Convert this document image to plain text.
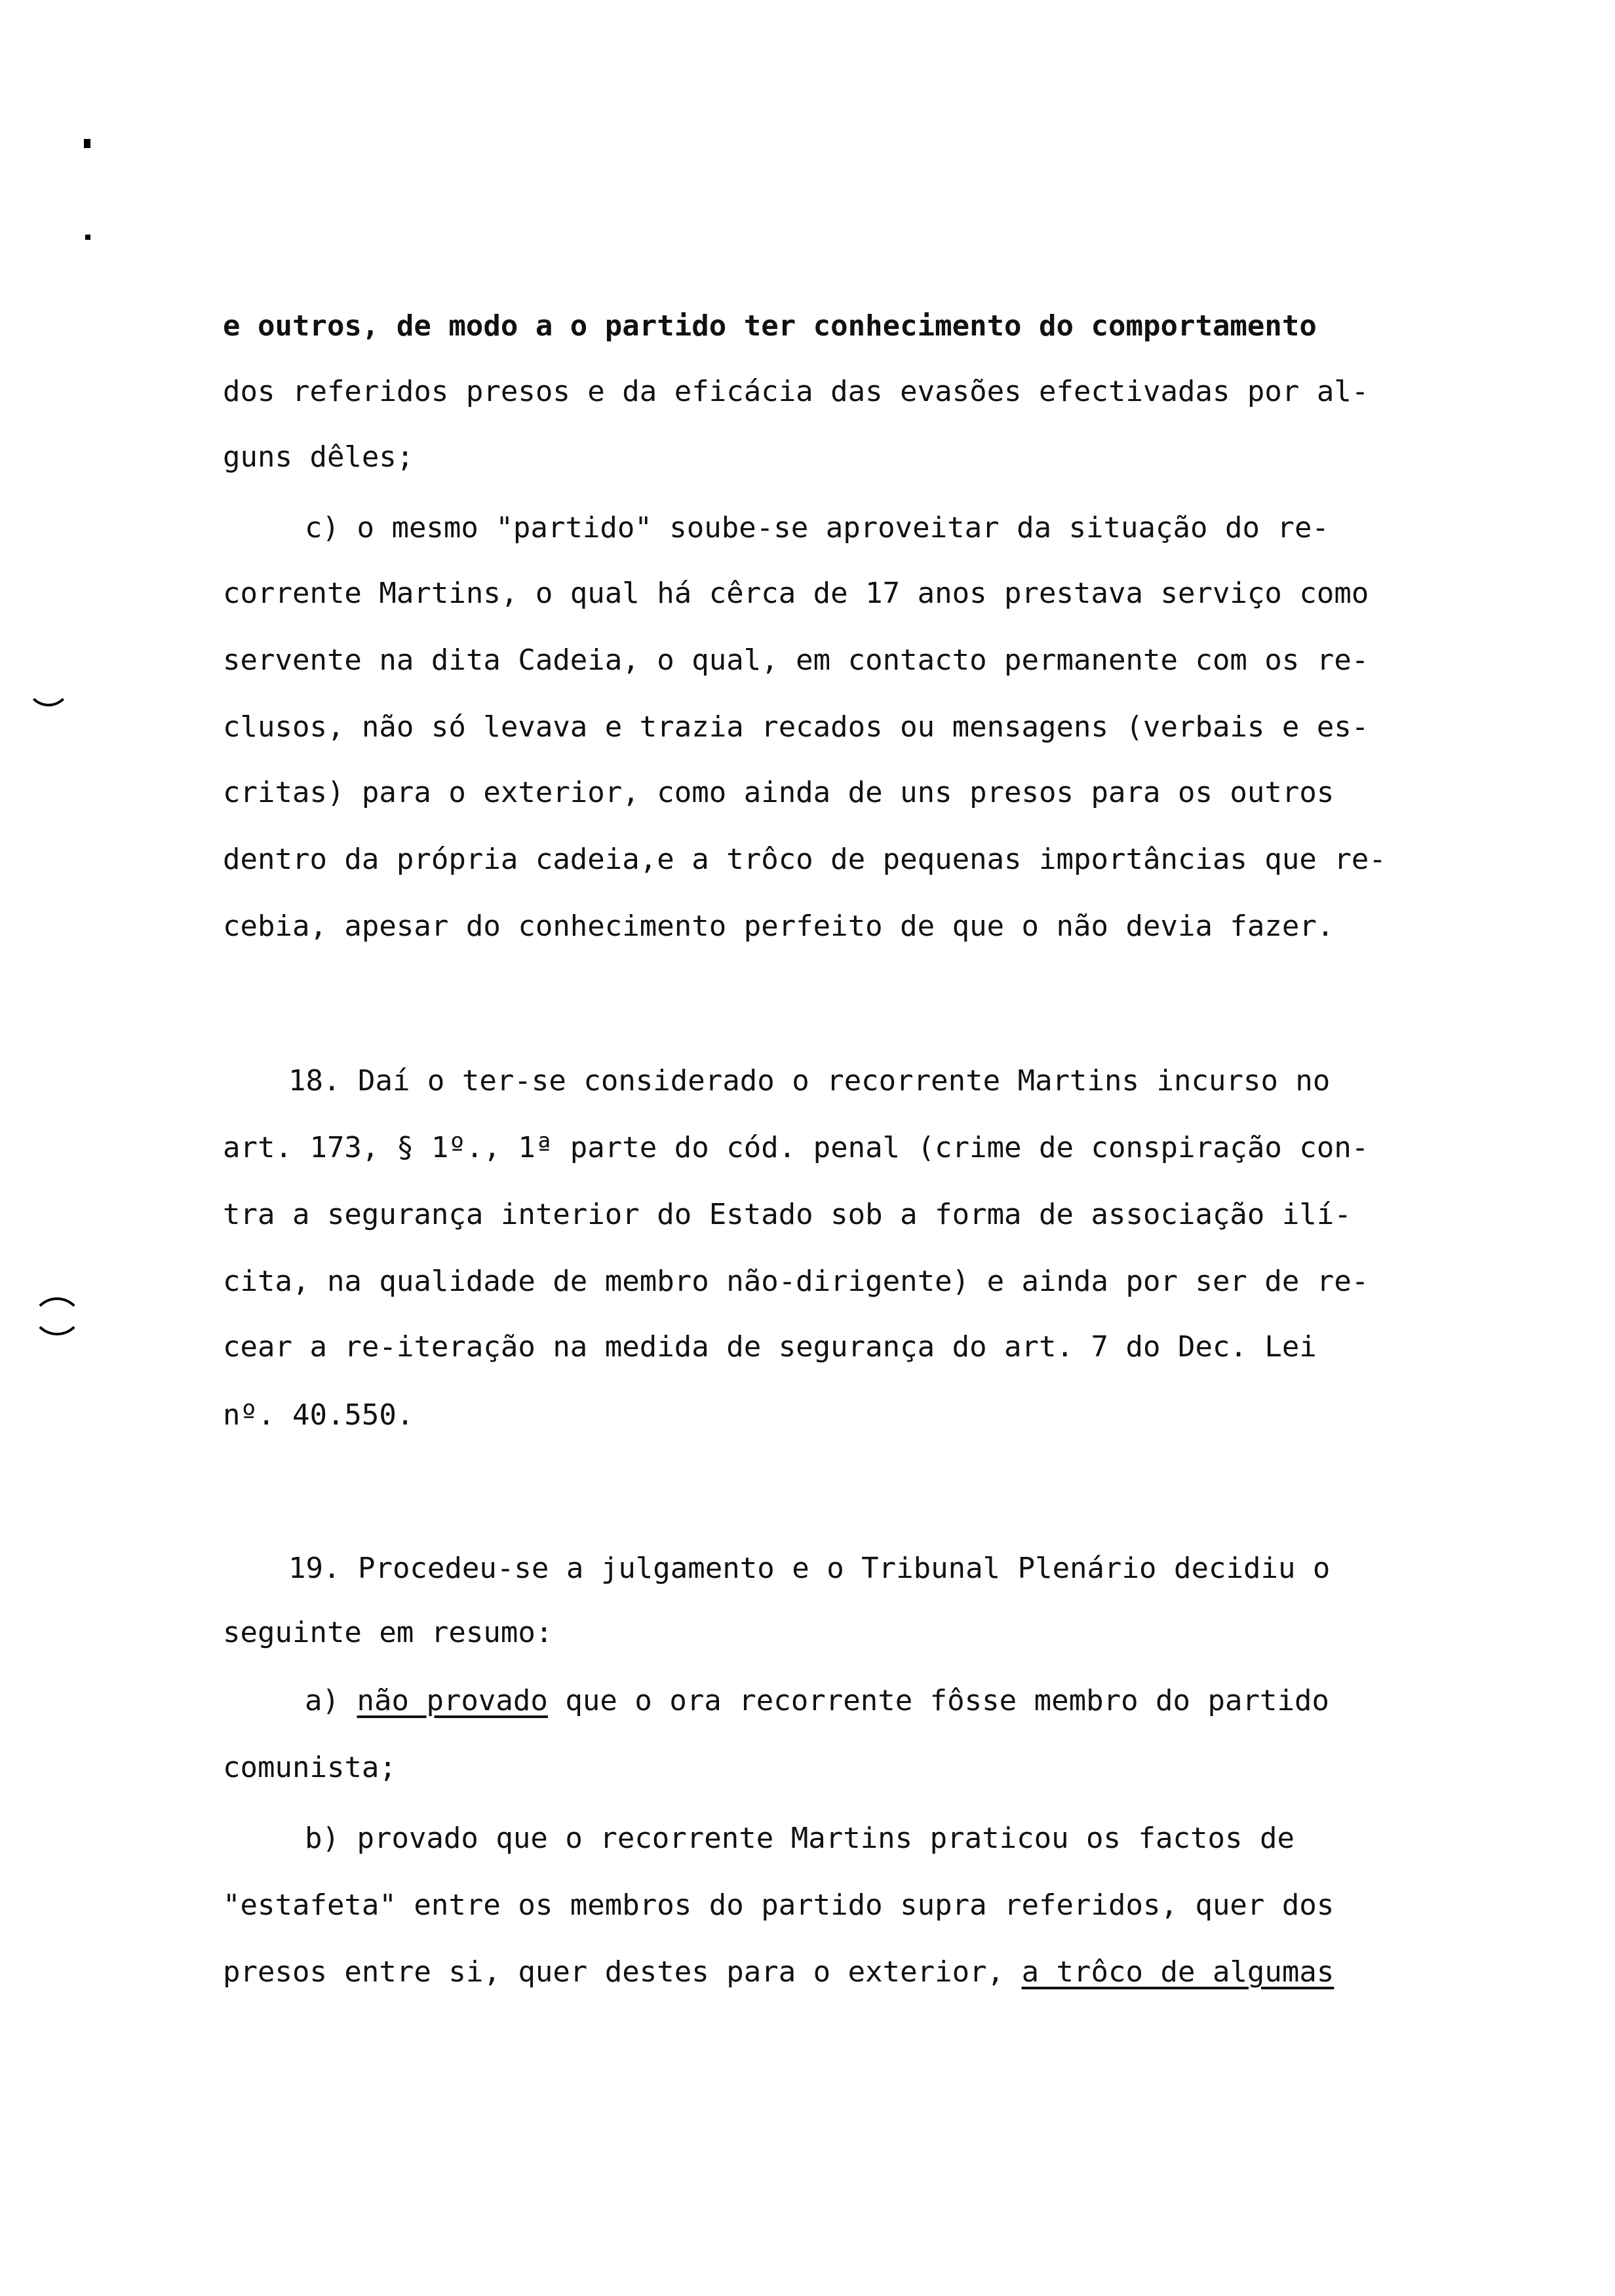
e outros, de modo a o partido ter conhecimento do comportamento
dos referidos presos e da eficácia das evasões efectivadas por al-
guns dêles;
c) o mesmo "partido" soube-se aproveitar da situação do re-
corrente Martins, o qual há cêrca de 17 anos prestava serviço como
servente na dita Cadeia, o qual, em contacto permanente com os re-
clusos, não só levava e trazia recados ou mensagens (verbais e es-
critas) para o exterior, como ainda de uns presos para os outros
dentro da própria cadeia,e a trôco de pequenas importâncias que re-
cebia, apesar do conhecimento perfeito de que o não devia fazer.
18. Daí o ter-se considerado o recorrente Martins incurso no
art. 173, § 1º., 1ª parte do cód. penal (crime de conspiração con-
tra a segurança interior do Estado sob a forma de associação ilí-
cita, na qualidade de membro não-dirigente) e ainda por ser de re-
cear a re-iteração na medida de segurança do art. 7 do Dec. Lei
nº. 40.550.
19. Procedeu-se a julgamento e o Tribunal Plenário decidiu o
seguinte em resumo:
a) não provado que o ora recorrente fôsse membro do partido
comunista;
b) provado que o recorrente Martins praticou os factos de
"estafeta" entre os membros do partido supra referidos, quer dos
presos entre si, quer destes para o exterior, a trôco de algumas
